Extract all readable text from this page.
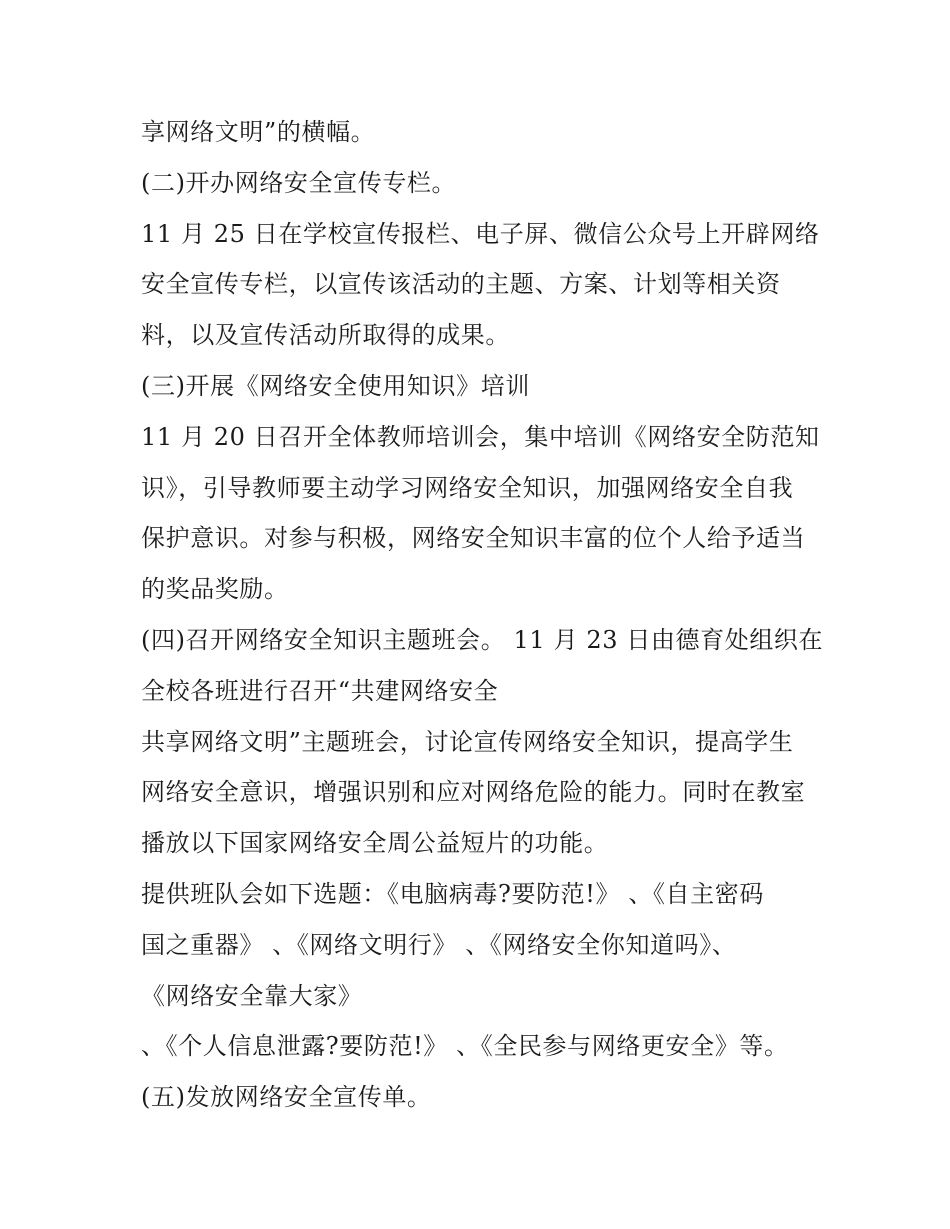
享网络文明”的横幅。
(二)开办网络安全宣传专栏。
11 月 25 日在学校宣传报栏、电子屏、微信公众号上开辟网络
安全宣传专栏，以宣传该活动的主题、方案、计划等相关资
料，以及宣传活动所取得的成果。
(三)开展《网络安全使用知识》培训
11 月 20 日召开全体教师培训会，集中培训《网络安全防范知
识》，引导教师要主动学习网络安全知识，加强网络安全自我
保护意识。对参与积极，网络安全知识丰富的位个人给予适当
的奖品奖励。
(四)召开网络安全知识主题班会。 11 月 23 日由德育处组织在
全校各班进行召开“共建网络安全
共享网络文明”主题班会，讨论宣传网络安全知识，提高学生
网络安全意识，增强识别和应对网络危险的能力。同时在教室
播放以下国家网络安全周公益短片的功能。
提供班队会如下选题：《电脑病毒?要防范!》 、《自主密码
国之重器》 、《网络文明行》 、《网络安全你知道吗》、
《网络安全靠大家》
、《个人信息泄露?要防范!》 、《全民参与网络更安全》等。
(五)发放网络安全宣传单。
